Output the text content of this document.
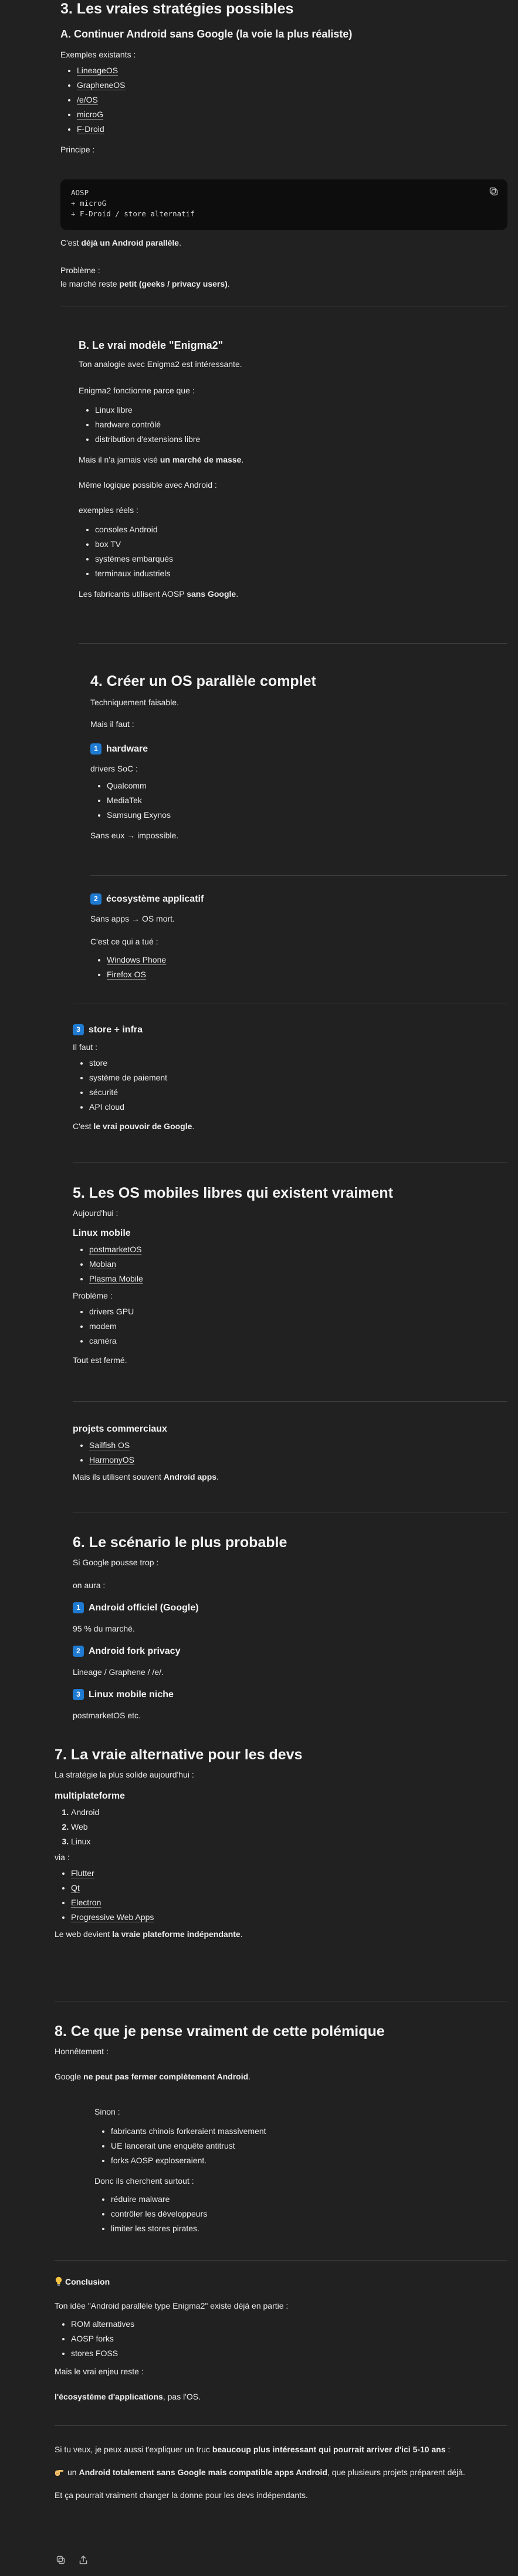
3. Les vraies stratégies possibles
A. Continuer Android sans Google (la voie la plus réaliste)

Exemples existants :

• LineageOS
• GrapheneOS
• /e/OS
• microG
• F-Droid

Principe :

AOSP
+ microG
+ F-Droid / store alternatif

C'est déjà un Android parallèle.

Problème :

le marché reste petit (geeks / privacy users).

B. Le vrai modèle "Enigma2"

Ton analogie avec Enigma2 est intéressante.

Enigma2 fonctionne parce que :

• Linux libre
• hardware contrôlé
• distribution d'extensions libre

Mais il n'a jamais visé un marché de masse.

Même logique possible avec Android :

exemples réels :

• consoles Android
• box TV
• systèmes embarqués
• terminaux industriels

Les fabricants utilisent AOSP sans Google.

4. Créer un OS parallèle complet

Techniquement faisable.

Mais il faut :

1 hardware

drivers SoC :

• Qualcomm
• MediaTek
• Samsung Exynos

Sans eux → impossible.

2 écosystème applicatif

Sans apps → OS mort.

C'est ce qui a tué :

• Windows Phone
• Firefox OS
3 store + infra

Il faut :

• store
• système de paiement
• sécurité
• API cloud

C'est le vrai pouvoir de Google.

5. Les OS mobiles libres qui existent vraiment

Aujourd'hui :

Linux mobile
• postmarketOS
• Mobian
• Plasma Mobile

Problème :

• drivers GPU
• modem
• caméra

Tout est fermé.

projets commerciaux
• Sailfish OS
• HarmonyOS

Mais ils utilisent souvent Android apps.

6. Le scénario le plus probable

Si Google pousse trop :

on aura :

1 Android officiel (Google)

95 % du marché.

2 Android fork privacy

Lineage / Graphene / /e/.

3 Linux mobile niche

postmarketOS etc.

7. La vraie alternative pour les devs

La stratégie la plus solide aujourd'hui :

multiplateforme
1. Android
2. Web
3. Linux

via :

• Flutter
• Qt
• Electron
• Progressive Web Apps

Le web devient la vraie plateforme indépendante.

8. Ce que je pense vraiment de cette polémique

Honnêtement :

Google ne peut pas fermer complètement Android.

Sinon :

• fabricants chinois forkeraient massivement
• UE lancerait une enquête antitrust
• forks AOSP exploseraient.

Donc ils cherchent surtout :

• réduire malware
• contrôler les développeurs
• limiter les stores pirates.
Conclusion

Ton idée "Android parallèle type Enigma2" existe déjà en partie :

• ROM alternatives
• AOSP forks
• stores FOSS

Mais le vrai enjeu reste :

l'écosystème d'applications, pas l'OS.

Si tu veux, je peux aussi t'expliquer un truc beaucoup plus intéressant qui pourrait arriver d'ici 5-10 ans :

un Android totalement sans Google mais compatible apps Android, que plusieurs projets préparent déjà.

Et ça pourrait vraiment changer la donne pour les devs indépendants.
